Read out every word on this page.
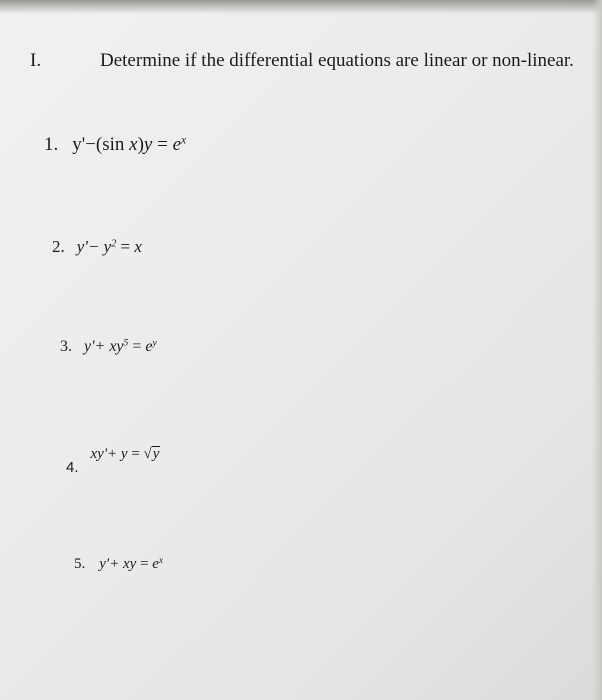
I.	Determine if the differential equations are linear or non-linear.
1. y'−(sin $x)y = e^x$
2. $y'- y^2 = x$
3. $y'+ xy^5 = e^y$
4.
xy'+ y = √y
5. y'+ xy = $e^x$
